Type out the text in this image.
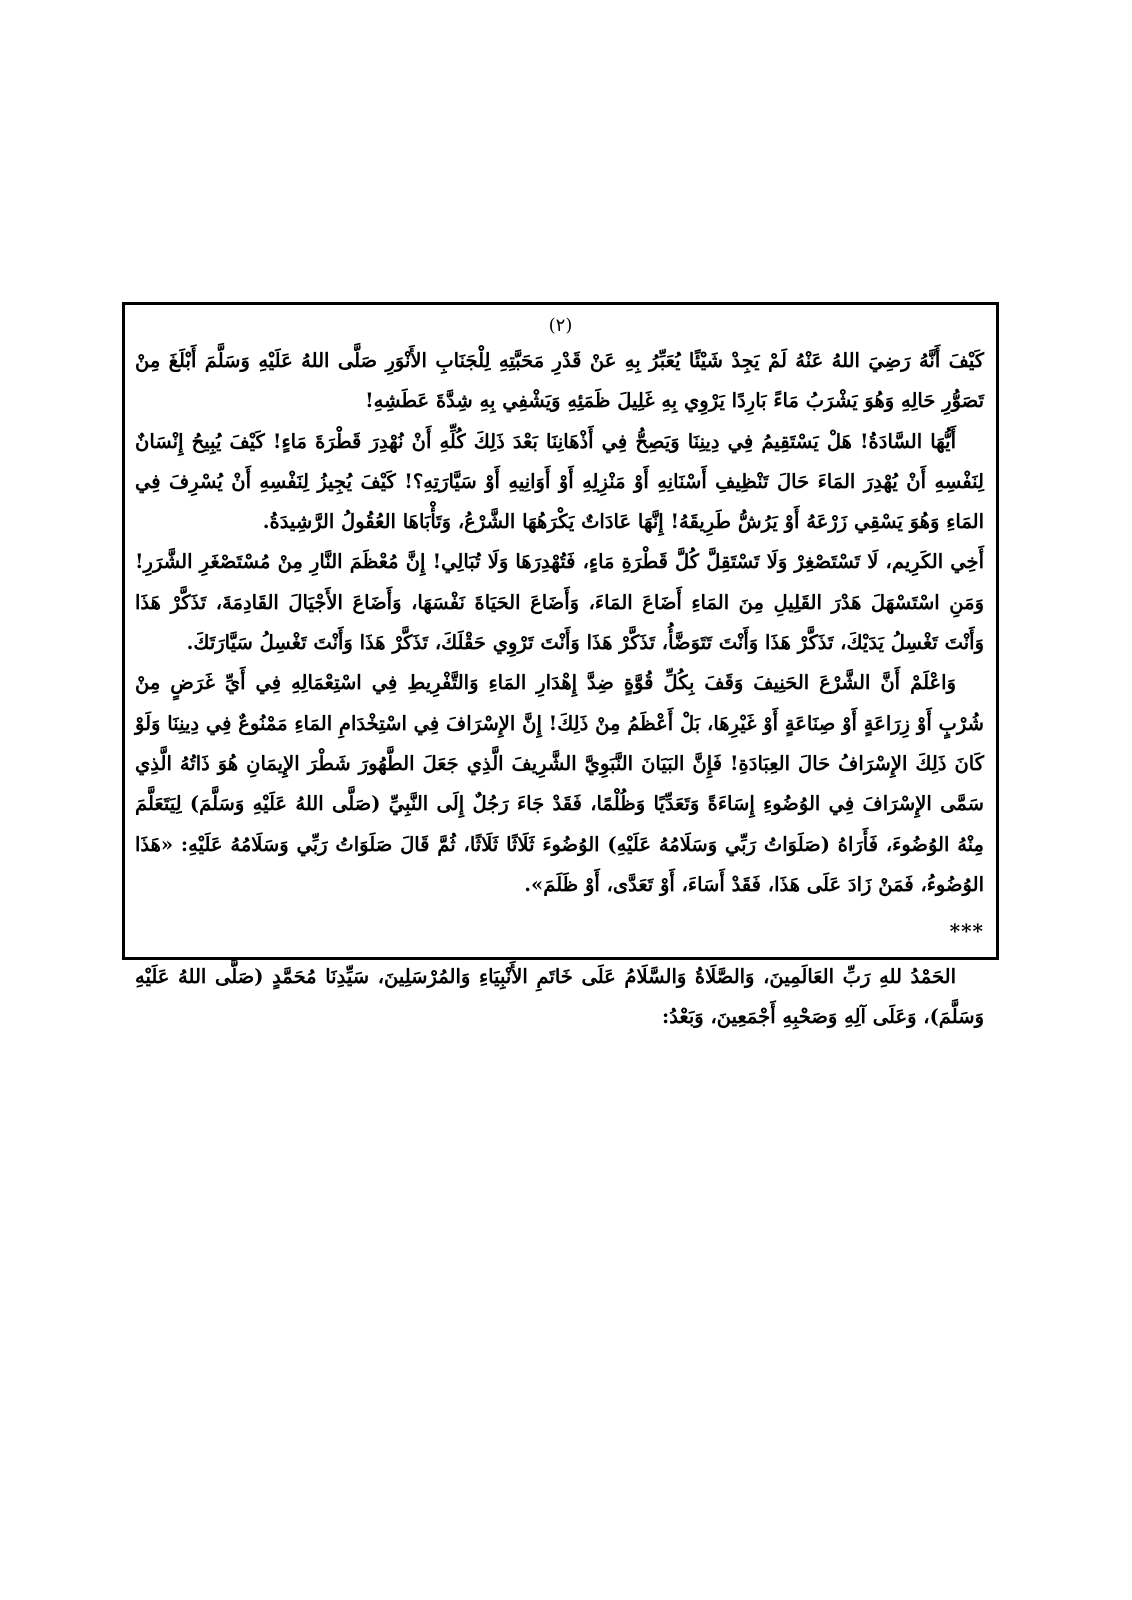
(٢)

كَيْفَ أَنَّهُ رَضِيَ اللهُ عَنْهُ لَمْ يَجِدْ شَيْئًا يُعَبِّرُ بِهِ عَنْ قَدْرِ مَحَبَّتِهِ لِلْجَنَابِ الأَنْوَرِ صَلَّى اللهُ عَلَيْهِ وَسَلَّمَ أَبْلَغَ مِنْ تَصَوُّرِ حَالِهِ وَهُوَ يَشْرَبُ مَاءً بَارِدًا يَرْوِي بِهِ غَلِيلَ ظَمَئِهِ وَيَشْفِي بِهِ شِدَّةَ عَطَشِهِ!

أَيُّهَا السَّادَةُ! هَلْ يَسْتَقِيمُ فِي دِينِنَا وَيَصِحُّ فِي أَذْهَانِنَا بَعْدَ ذَلِكَ كُلِّهِ أَنْ نُهْدِرَ قَطْرَةَ مَاءٍ! كَيْفَ يُبِيحُ إِنْسَانٌ لِنَفْسِهِ أَنْ يُهْدِرَ المَاءَ حَالَ تَنْظِيفِ أَسْنَانِهِ أَوْ مَنْزِلِهِ أَوْ أَوَانِيهِ أَوْ سَيَّارَتِهِ؟! كَيْفَ يُجِيزُ لِنَفْسِهِ أَنْ يُسْرِفَ فِي المَاءِ وَهُوَ يَسْقِي زَرْعَهُ أَوْ يَرُشُّ طَرِيقَهُ! إِنَّهَا عَادَاتٌ يَكْرَهُهَا الشَّرْعُ، وَتَأْبَاهَا العُقُولُ الرَّشِيدَةُ.

أَخِي الكَرِيم، لَا تَسْتَصْغِرْ وَلَا تَسْتَقِلَّ كُلَّ قَطْرَةِ مَاءٍ، فَتُهْدِرَهَا وَلَا تُبَالِي! إِنَّ مُعْظَمَ النَّارِ مِنْ مُسْتَصْغَرِ الشَّرَرِ! وَمَنِ اسْتَسْهَلَ هَدْرَ القَلِيلِ مِنَ المَاءِ أَضَاعَ المَاءَ، وَأَضَاعَ الحَيَاةَ نَفْسَهَا، وَأَضَاعَ الأَجْيَالَ القَادِمَةَ، تَذَكَّرْ هَذَا وَأَنْتَ تَغْسِلُ يَدَيْكَ، تَذَكَّرْ هَذَا وَأَنْتَ تَتَوَضَّأُ، تَذَكَّرْ هَذَا وَأَنْتَ تَرْوِي حَقْلَكَ، تَذَكَّرْ هَذَا وَأَنْتَ تَغْسِلُ سَيَّارَتَكَ.

وَاعْلَمْ أَنَّ الشَّرْعَ الحَنِيفَ وَقَفَ بِكُلِّ قُوَّةٍ ضِدَّ إِهْدَارِ المَاءِ وَالتَّفْرِيطِ فِي اسْتِعْمَالِهِ فِي أَيِّ غَرَضٍ مِنْ شُرْبٍ أَوْ زِرَاعَةٍ أَوْ صِنَاعَةٍ أَوْ غَيْرِهَا، بَلْ أَعْظَمُ مِنْ ذَلِكَ! إِنَّ الإِسْرَافَ فِي اسْتِخْدَامِ المَاءِ مَمْنُوعٌ فِي دِينِنَا وَلَوْ كَانَ ذَلِكَ الإِسْرَافُ حَالَ العِبَادَةِ! فَإِنَّ البَيَانَ النَّبَوِيَّ الشَّرِيفَ الَّذِي جَعَلَ الطَّهُورَ شَطْرَ الإِيمَانِ هُوَ ذَاتُهُ الَّذِي سَمَّى الإِسْرَافَ فِي الوُضُوءِ إِسَاءَةً وَتَعَدِّيًا وَظُلْمًا، فَقَدْ جَاءَ رَجُلٌ إِلَى النَّبِيِّ (صَلَّى اللهُ عَلَيْهِ وَسَلَّمَ) لِيَتَعَلَّمَ مِنْهُ الوُضُوءَ، فَأَرَاهُ (صَلَوَاتُ رَبِّي وَسَلَامُهُ عَلَيْهِ) الوُضُوءَ ثَلَاثًا ثَلَاثًا، ثُمَّ قَالَ صَلَوَاتُ رَبِّي وَسَلَامُهُ عَلَيْهِ: «هَذَا الوُضُوءُ، فَمَنْ زَادَ عَلَى هَذَا، فَقَدْ أَسَاءَ، أَوْ تَعَدَّى، أَوْ ظَلَمَ».

***

الحَمْدُ للهِ رَبِّ العَالَمِينَ، وَالصَّلَاةُ وَالسَّلَامُ عَلَى خَاتَمِ الأَنْبِيَاءِ وَالمُرْسَلِينَ، سَيِّدِنَا مُحَمَّدٍ (صَلَّى اللهُ عَلَيْهِ وَسَلَّمَ)، وَعَلَى آلِهِ وَصَحْبِهِ أَجْمَعِينَ، وَبَعْدُ:
